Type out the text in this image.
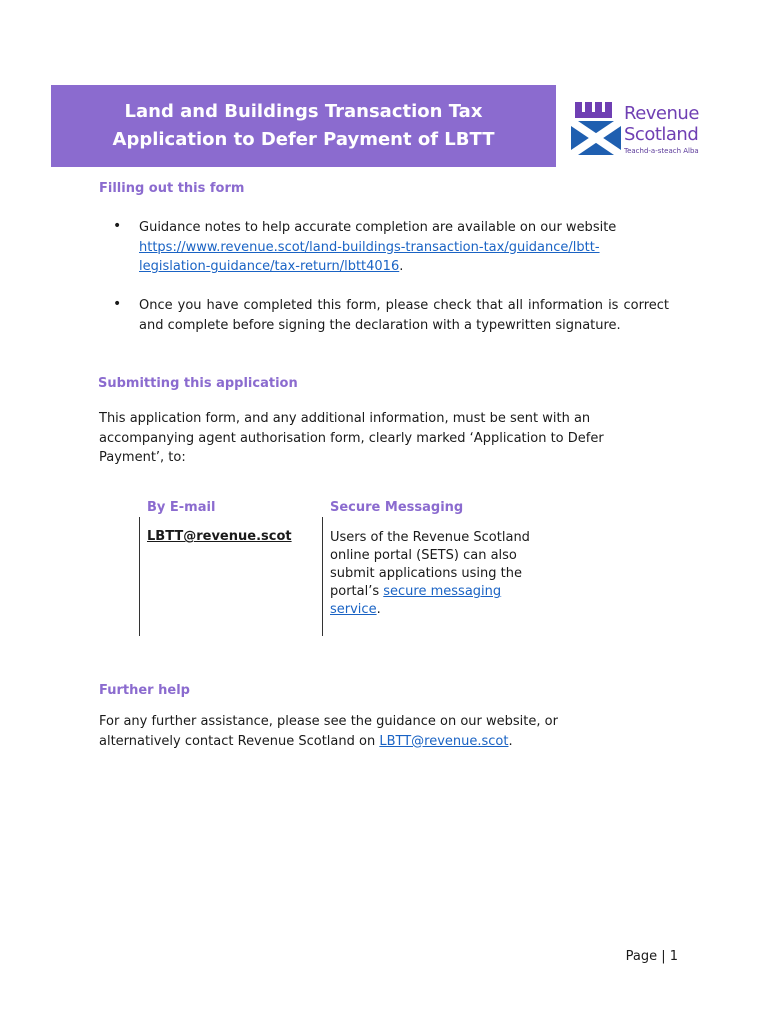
Land and Buildings Transaction Tax
Application to Defer Payment of LBTT
Revenue
Scotland
Teachd-a-steach Alba
Filling out this form
• Guidance notes to help accurate completion are available on our website
https://www.revenue.scot/land-buildings-transaction-tax/guidance/lbtt-
legislation-guidance/tax-return/lbtt4016.

• Once you have completed this form, please check that all information is correct and complete before signing the declaration with a typewritten signature.

Submitting this application

This application form, and any additional information, must be sent with an accompanying agent authorisation form, clearly marked ‘Application to Defer Payment’, to:

By E-mail	Secure Messaging
LBTT@revenue.scot	Users of the Revenue Scotland online portal (SETS) can also submit applications using the portal’s secure messaging service.

Further help

For any further assistance, please see the guidance on our website, or alternatively contact Revenue Scotland on LBTT@revenue.scot.

Page | 1
